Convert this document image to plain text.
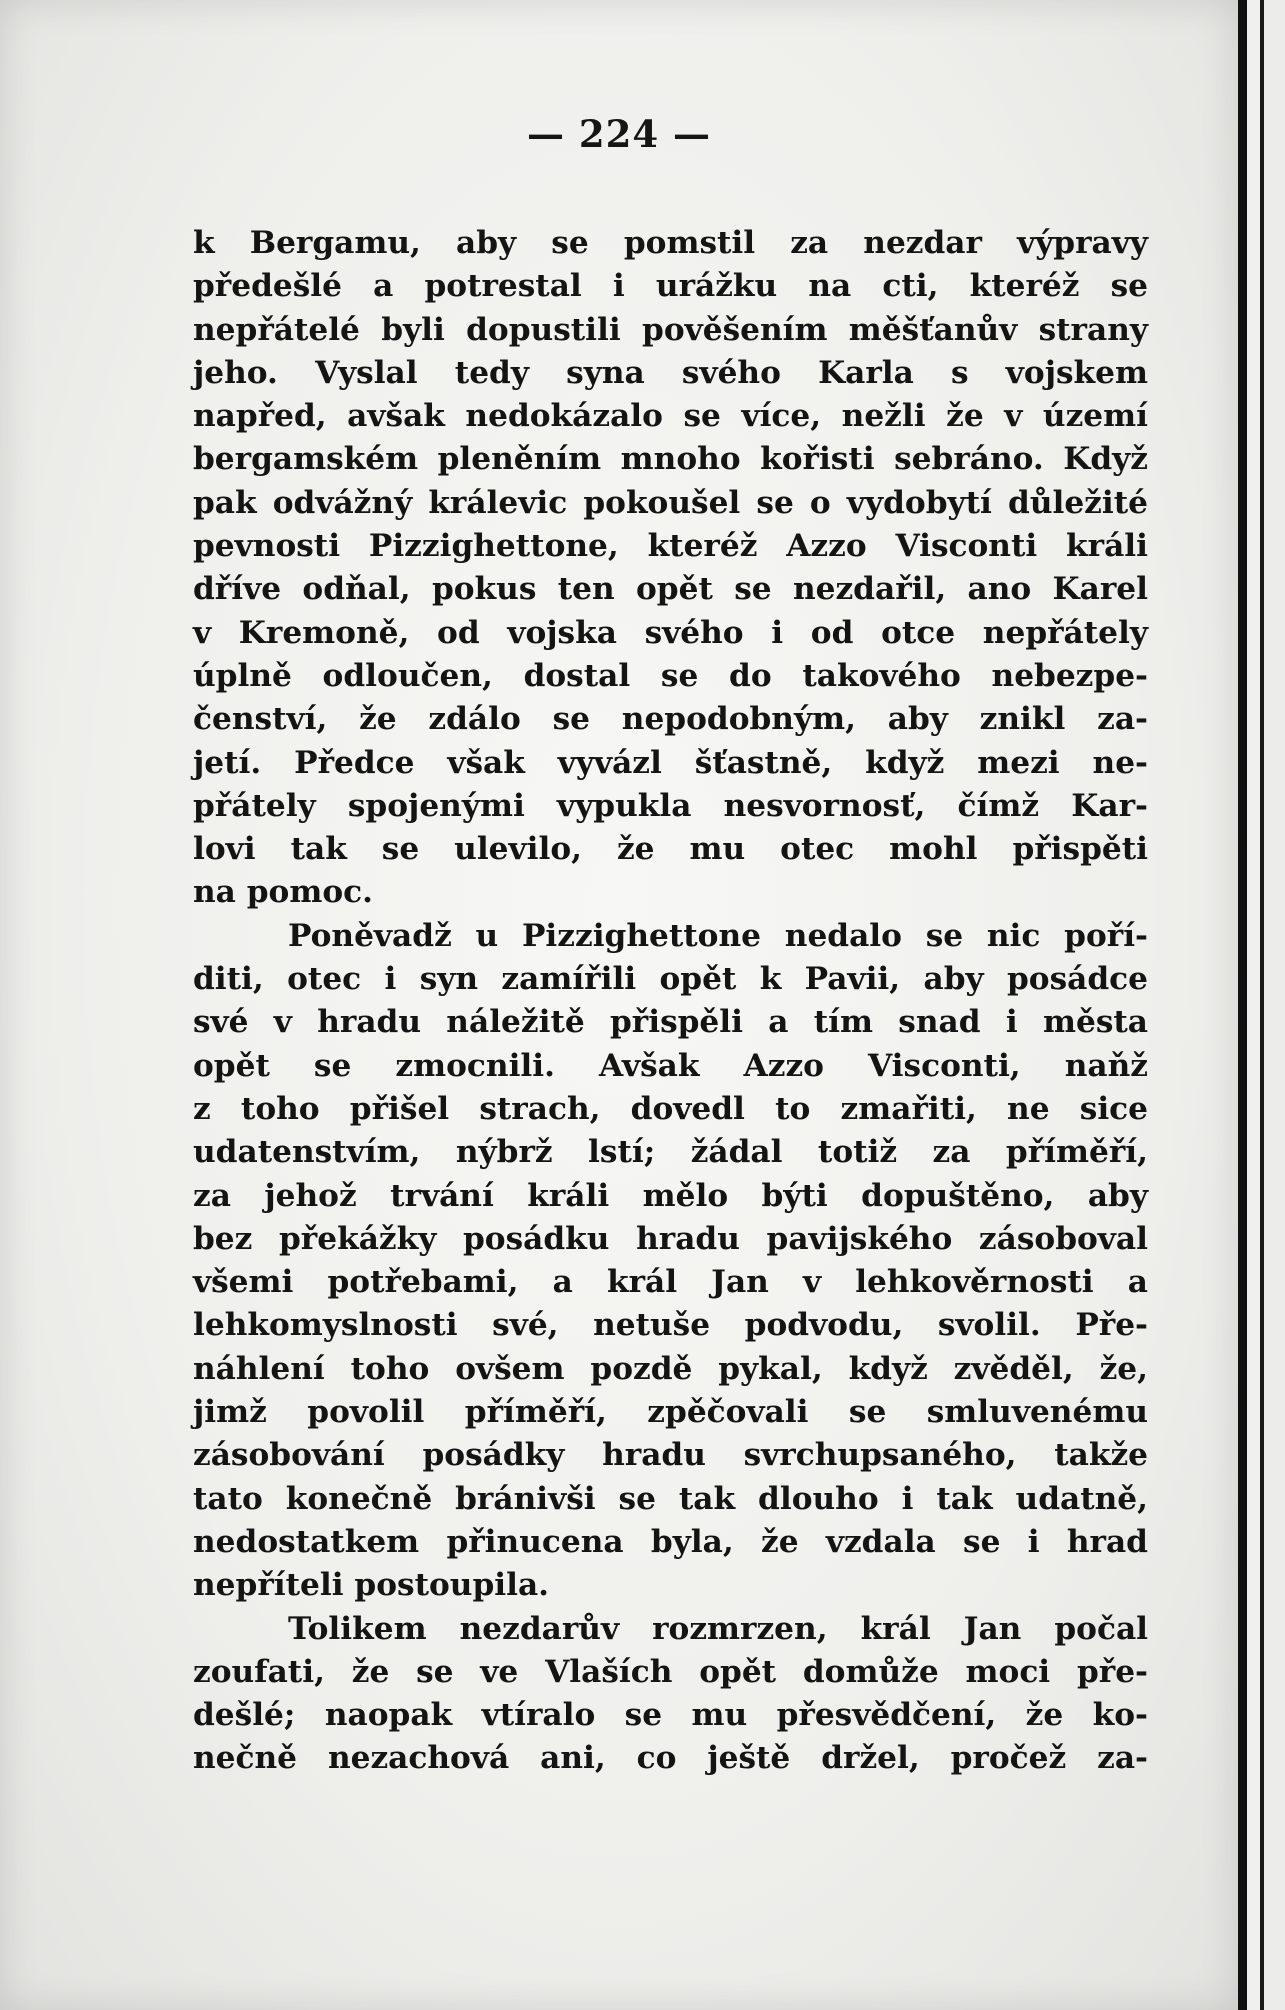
— 224 —
k Bergamu, aby se pomstil za nezdar výpravy
předešlé a potrestal i urážku na cti, kteréž se
nepřátelé byli dopustili pověšením měšťanův strany
jeho. Vyslal tedy syna svého Karla s vojskem
napřed, avšak nedokázalo se více, nežli že v území
bergamském pleněním mnoho kořisti sebráno. Když
pak odvážný králevic pokoušel se o vydobytí důležité
pevnosti Pizzighettone, kteréž Azzo Visconti králi
dříve odňal, pokus ten opět se nezdařil, ano Karel
v Kremoně, od vojska svého i od otce nepřátely
úplně odloučen, dostal se do takového nebezpe-
čenství, že zdálo se nepodobným, aby znikl za-
jetí. Předce však vyvázl šťastně, když mezi ne-
přátely spojenými vypukla nesvornosť, čímž Kar-
lovi tak se ulevilo, že mu otec mohl přispěti
na pomoc.
Poněvadž u Pizzighettone nedalo se nic poří-
diti, otec i syn zamířili opět k Pavii, aby posádce
své v hradu náležitě přispěli a tím snad i města
opět se zmocnili. Avšak Azzo Visconti, naňž
z toho přišel strach, dovedl to zmařiti, ne sice
udatenstvím, nýbrž lstí; žádal totiž za příměří,
za jehož trvání králi mělo býti dopuštěno, aby
bez překážky posádku hradu pavijského zásoboval
všemi potřebami, a král Jan v lehkověrnosti a
lehkomyslnosti své, netuše podvodu, svolil. Pře-
náhlení toho ovšem pozdě pykal, když zvěděl, že,
jimž povolil příměří, zpěčovali se smluvenému
zásobování posádky hradu svrchupsaného, takže
tato konečně bránivši se tak dlouho i tak udatně,
nedostatkem přinucena byla, že vzdala se i hrad
nepříteli postoupila.
Tolikem nezdarův rozmrzen, král Jan počal
zoufati, že se ve Vlaších opět domůže moci pře-
dešlé; naopak vtíralo se mu přesvědčení, že ko-
nečně nezachová ani, co ještě držel, pročež za-
